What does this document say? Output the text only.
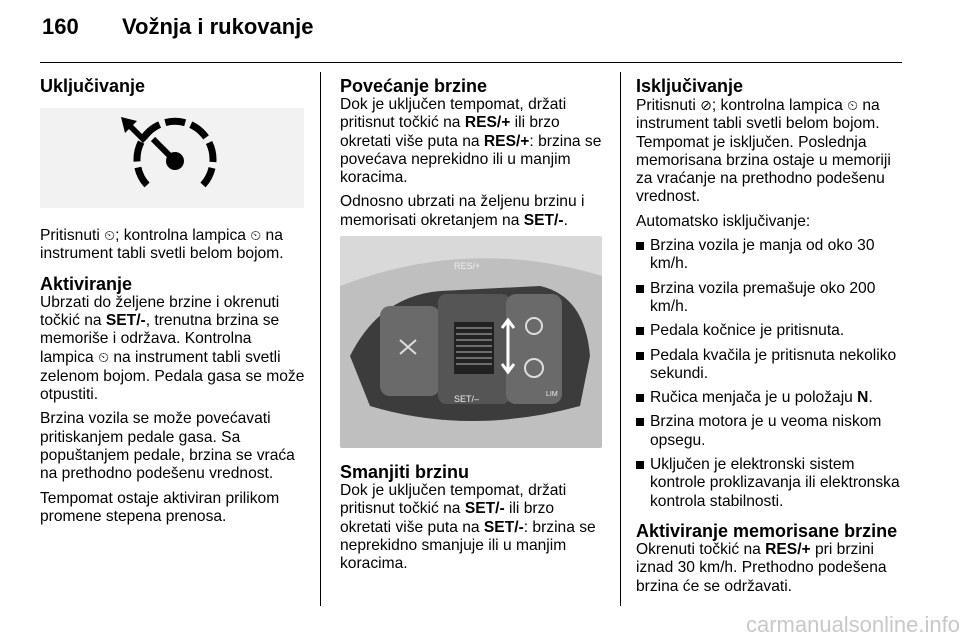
160	Vožnja i rukovanje
Uključivanje

Pritisnuti ⏲; kontrolna lampica ⏲ na instrument tabli svetli belom bojom.

Aktiviranje

Ubrzati do željene brzine i okrenuti točkić na SET/-, trenutna brzina se memoriše i održava. Kontrolna lampica ⏲ na instrument tabli svetli zelenom bojom. Pedala gasa se može otpustiti.

Brzina vozila se može povećavati pritiskanjem pedale gasa. Sa popuštanjem pedale, brzina se vraća na prethodno podešenu vrednost.

Tempomat ostaje aktiviran prilikom promene stepena prenosa.

Povećanje brzine

Dok je uključen tempomat, držati pritisnut točkić na RES/+ ili brzo okretati više puta na RES/+: brzina se povećava neprekidno ili u manjim koracima.

Odnosno ubrzati na željenu brzinu i memorisati okretanjem na SET/-.

RES/+
SET/–	LIM
Smanjiti brzinu

Dok je uključen tempomat, držati pritisnut točkić na SET/- ili brzo okretati više puta na SET/-: brzina se neprekidno smanjuje ili u manjim koracima.

Isključivanje

Pritisnuti ⊘; kontrolna lampica ⏲ na instrument tabli svetli belom bojom. Tempomat je isključen. Poslednja memorisana brzina ostaje u memoriji za vraćanje na prethodno podešenu vrednost.

Automatsko isključivanje:

Brzina vozila je manja od oko 30 km/h.
Brzina vozila premašuje oko 200 km/h.
Pedala kočnice je pritisnuta.
Pedala kvačila je pritisnuta nekoliko sekundi.
Ručica menjača je u položaju N.
Brzina motora je u veoma niskom opsegu.
Uključen je elektronski sistem kontrole proklizavanja ili elektronska kontrola stabilnosti.
Aktiviranje memorisane brzine

Okrenuti točkić na RES/+ pri brzini iznad 30 km/h. Prethodno podešena brzina će se održavati.

carmanualsonline.info
